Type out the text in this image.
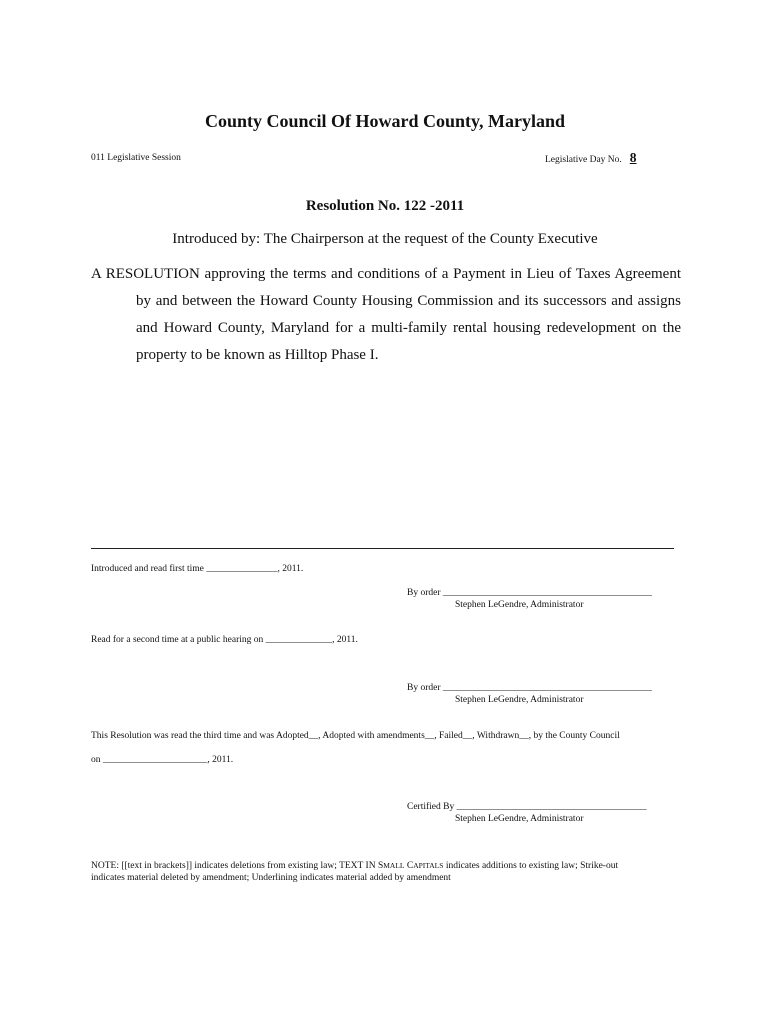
County Council Of Howard County, Maryland
011 Legislative Session	Legislative Day No. 8
Resolution No. 122 -2011
Introduced by: The Chairperson at the request of the County Executive
A RESOLUTION approving the terms and conditions of a Payment in Lieu of Taxes Agreement
by and between the Howard County Housing Commission and its successors and assigns
and Howard County, Maryland for a multi-family rental housing redevelopment on the
property to be known as Hilltop Phase I.
Introduced and read first time _______________, 2011.
By order ____________________________________________
Stephen LeGendre, Administrator
Read for a second time at a public hearing on ______________, 2011.
By order ____________________________________________
Stephen LeGendre, Administrator
This Resolution was read the third time and was Adopted__, Adopted with amendments__, Failed__, Withdrawn__, by the County Council
on ______________________, 2011.
Certified By ________________________________________
Stephen LeGendre, Administrator
NOTE: [[text in brackets]] indicates deletions from existing law; TEXT IN SMALL CAPITALS indicates additions to existing law; Strike-out
indicates material deleted by amendment; Underlining indicates material added by amendment
